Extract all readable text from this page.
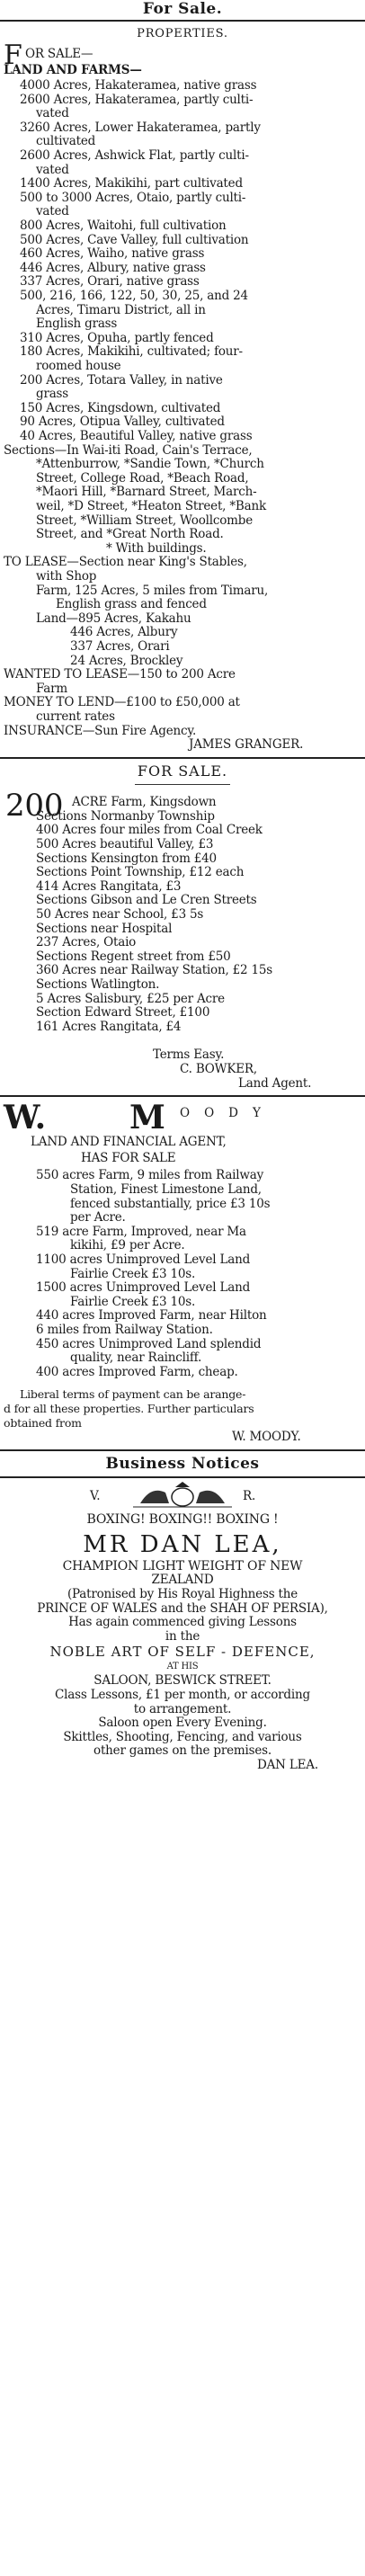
For Sale.
PROPERTIES.
F OR SALE—
LAND AND FARMS—
4000 Acres, Hakateramea, native grass
2600 Acres, Hakateramea, partly culti-
vated
3260 Acres, Lower Hakateramea, partly
cultivated
2600 Acres, Ashwick Flat, partly culti-
vated
1400 Acres, Makikihi, part cultivated
500 to 3000 Acres, Otaio, partly culti-
vated
800 Acres, Waitohi, full cultivation
500 Acres, Cave Valley, full cultivation
460 Acres, Waiho, native grass
446 Acres, Albury, native grass
337 Acres, Orari, native grass
500, 216, 166, 122, 50, 30, 25, and 24
Acres, Timaru District, all in
English grass
310 Acres, Opuha, partly fenced
180 Acres, Makikihi, cultivated; four-
roomed house
200 Acres, Totara Valley, in native
grass
150 Acres, Kingsdown, cultivated
90 Acres, Otipua Valley, cultivated
40 Acres, Beautiful Valley, native grass
Sections—In Wai-iti Road, Cain's Terrace,
*Attenburrow, *Sandie Town, *Church
Street, College Road, *Beach Road,
*Maori Hill, *Barnard Street, March-
weil, *D Street, *Heaton Street, *Bank
Street, *William Street, Woollcombe
Street, and *Great North Road.
* With buildings.
TO LEASE—Section near King's Stables,
with Shop
Farm, 125 Acres, 5 miles from Timaru,
English grass and fenced
Land—895 Acres, Kakahu
446 Acres, Albury
337 Acres, Orari
24 Acres, Brockley
WANTED TO LEASE—150 to 200 Acre
Farm
MONEY TO LEND—£100 to £50,000 at
current rates
INSURANCE—Sun Fire Agency.
JAMES GRANGER.
FOR SALE.
200 ACRE Farm, Kingsdown
Sections Normanby Township
400 Acres four miles from Coal Creek
500 Acres beautiful Valley, £3
Sections Kensington from £40
Sections Point Township, £12 each
414 Acres Rangitata, £3
Sections Gibson and Le Cren Streets
50 Acres near School, £3 5s
Sections near Hospital
237 Acres, Otaio
Sections Regent street from £50
360 Acres near Railway Station, £2 15s
Sections Watlington.
5 Acres Salisbury, £25 per Acre
Section Edward Street, £100
161 Acres Rangitata, £4
Terms Easy.
C. BOWKER,
Land Agent.
W.	M OODY
LAND AND FINANCIAL AGENT,
HAS FOR SALE
550 acres Farm, 9 miles from Railway
Station, Finest Limestone Land,
fenced substantially, price £3 10s
per Acre.
519 acre Farm, Improved, near Ma
kikihi, £9 per Acre.
1100 acres Unimproved Level Land
Fairlie Creek £3 10s.
1500 acres Unimproved Level Land
Fairlie Creek £3 10s.
440 acres Improved Farm, near Hilton
6 miles from Railway Station.
450 acres Unimproved Land splendid
quality, near Raincliff.
400 acres Improved Farm, cheap.
Liberal terms of payment can be arange-
d for all these properties. Further particulars
obtained from
W. MOODY.
Business Notices
V.	R.
BOXING! BOXING!! BOXING !
MR DAN LEA,
CHAMPION LIGHT WEIGHT OF NEW
ZEALAND
(Patronised by His Royal Highness the
PRINCE OF WALES and the SHAH OF PERSIA),
Has again commenced giving Lessons
in the
NOBLE ART OF SELF - DEFENCE,
AT HIS
SALOON, BESWICK STREET.
Class Lessons, £1 per month, or according
to arrangement.
Saloon open Every Evening.
Skittles, Shooting, Fencing, and various
other games on the premises.
DAN LEA.
